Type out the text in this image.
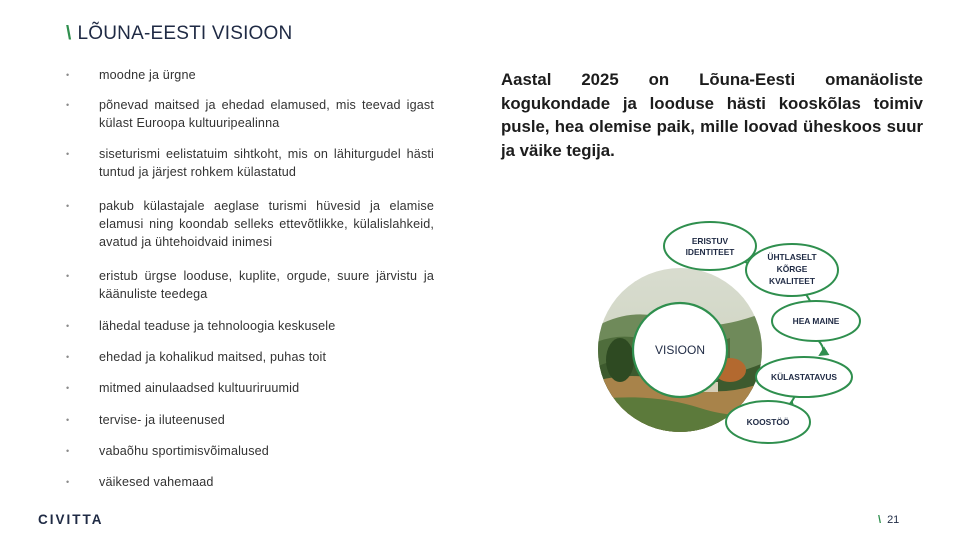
\ LÕUNA-EESTI VISIOON
• moodne ja ürgne
• põnevad maitsed ja ehedad elamused, mis teevad igast külast Euroopa kultuuripealinna
• siseturismi eelistatuim sihtkoht, mis on lähiturgudel hästi tuntud ja järjest rohkem külastatud
• pakub külastajale aeglase turismi hüvesid ja elamise elamusi ning koondab selleks ettevõtlikke, külalislahkeid, avatud ja ühtehoidvaid inimesi
• eristub ürgse looduse, kuplite, orgude, suure järvistu ja käänuliste teedega
• lähedal teaduse ja tehnoloogia keskusele
• ehedad ja kohalikud maitsed, puhas toit
• mitmed ainulaadsed kultuuriruumid
• tervise- ja iluteenused
• vabaõhu sportimisvõimalused
• väikesed vahemaad
Aastal 2025 on Lõuna-Eesti omanäoliste kogukondade ja looduse hästi kooskõlas toimiv pusle, hea olemise paik, mille loovad üheskoos suur ja väike tegija.
VISIOON
ERISTUV
IDENTITEET	ÜHTLASELT
KÕRGE
KVALITEET
HEA MAINE
KÜLASTATAVUS
KOOSTÖÖ
CIVITTA	\ 21
